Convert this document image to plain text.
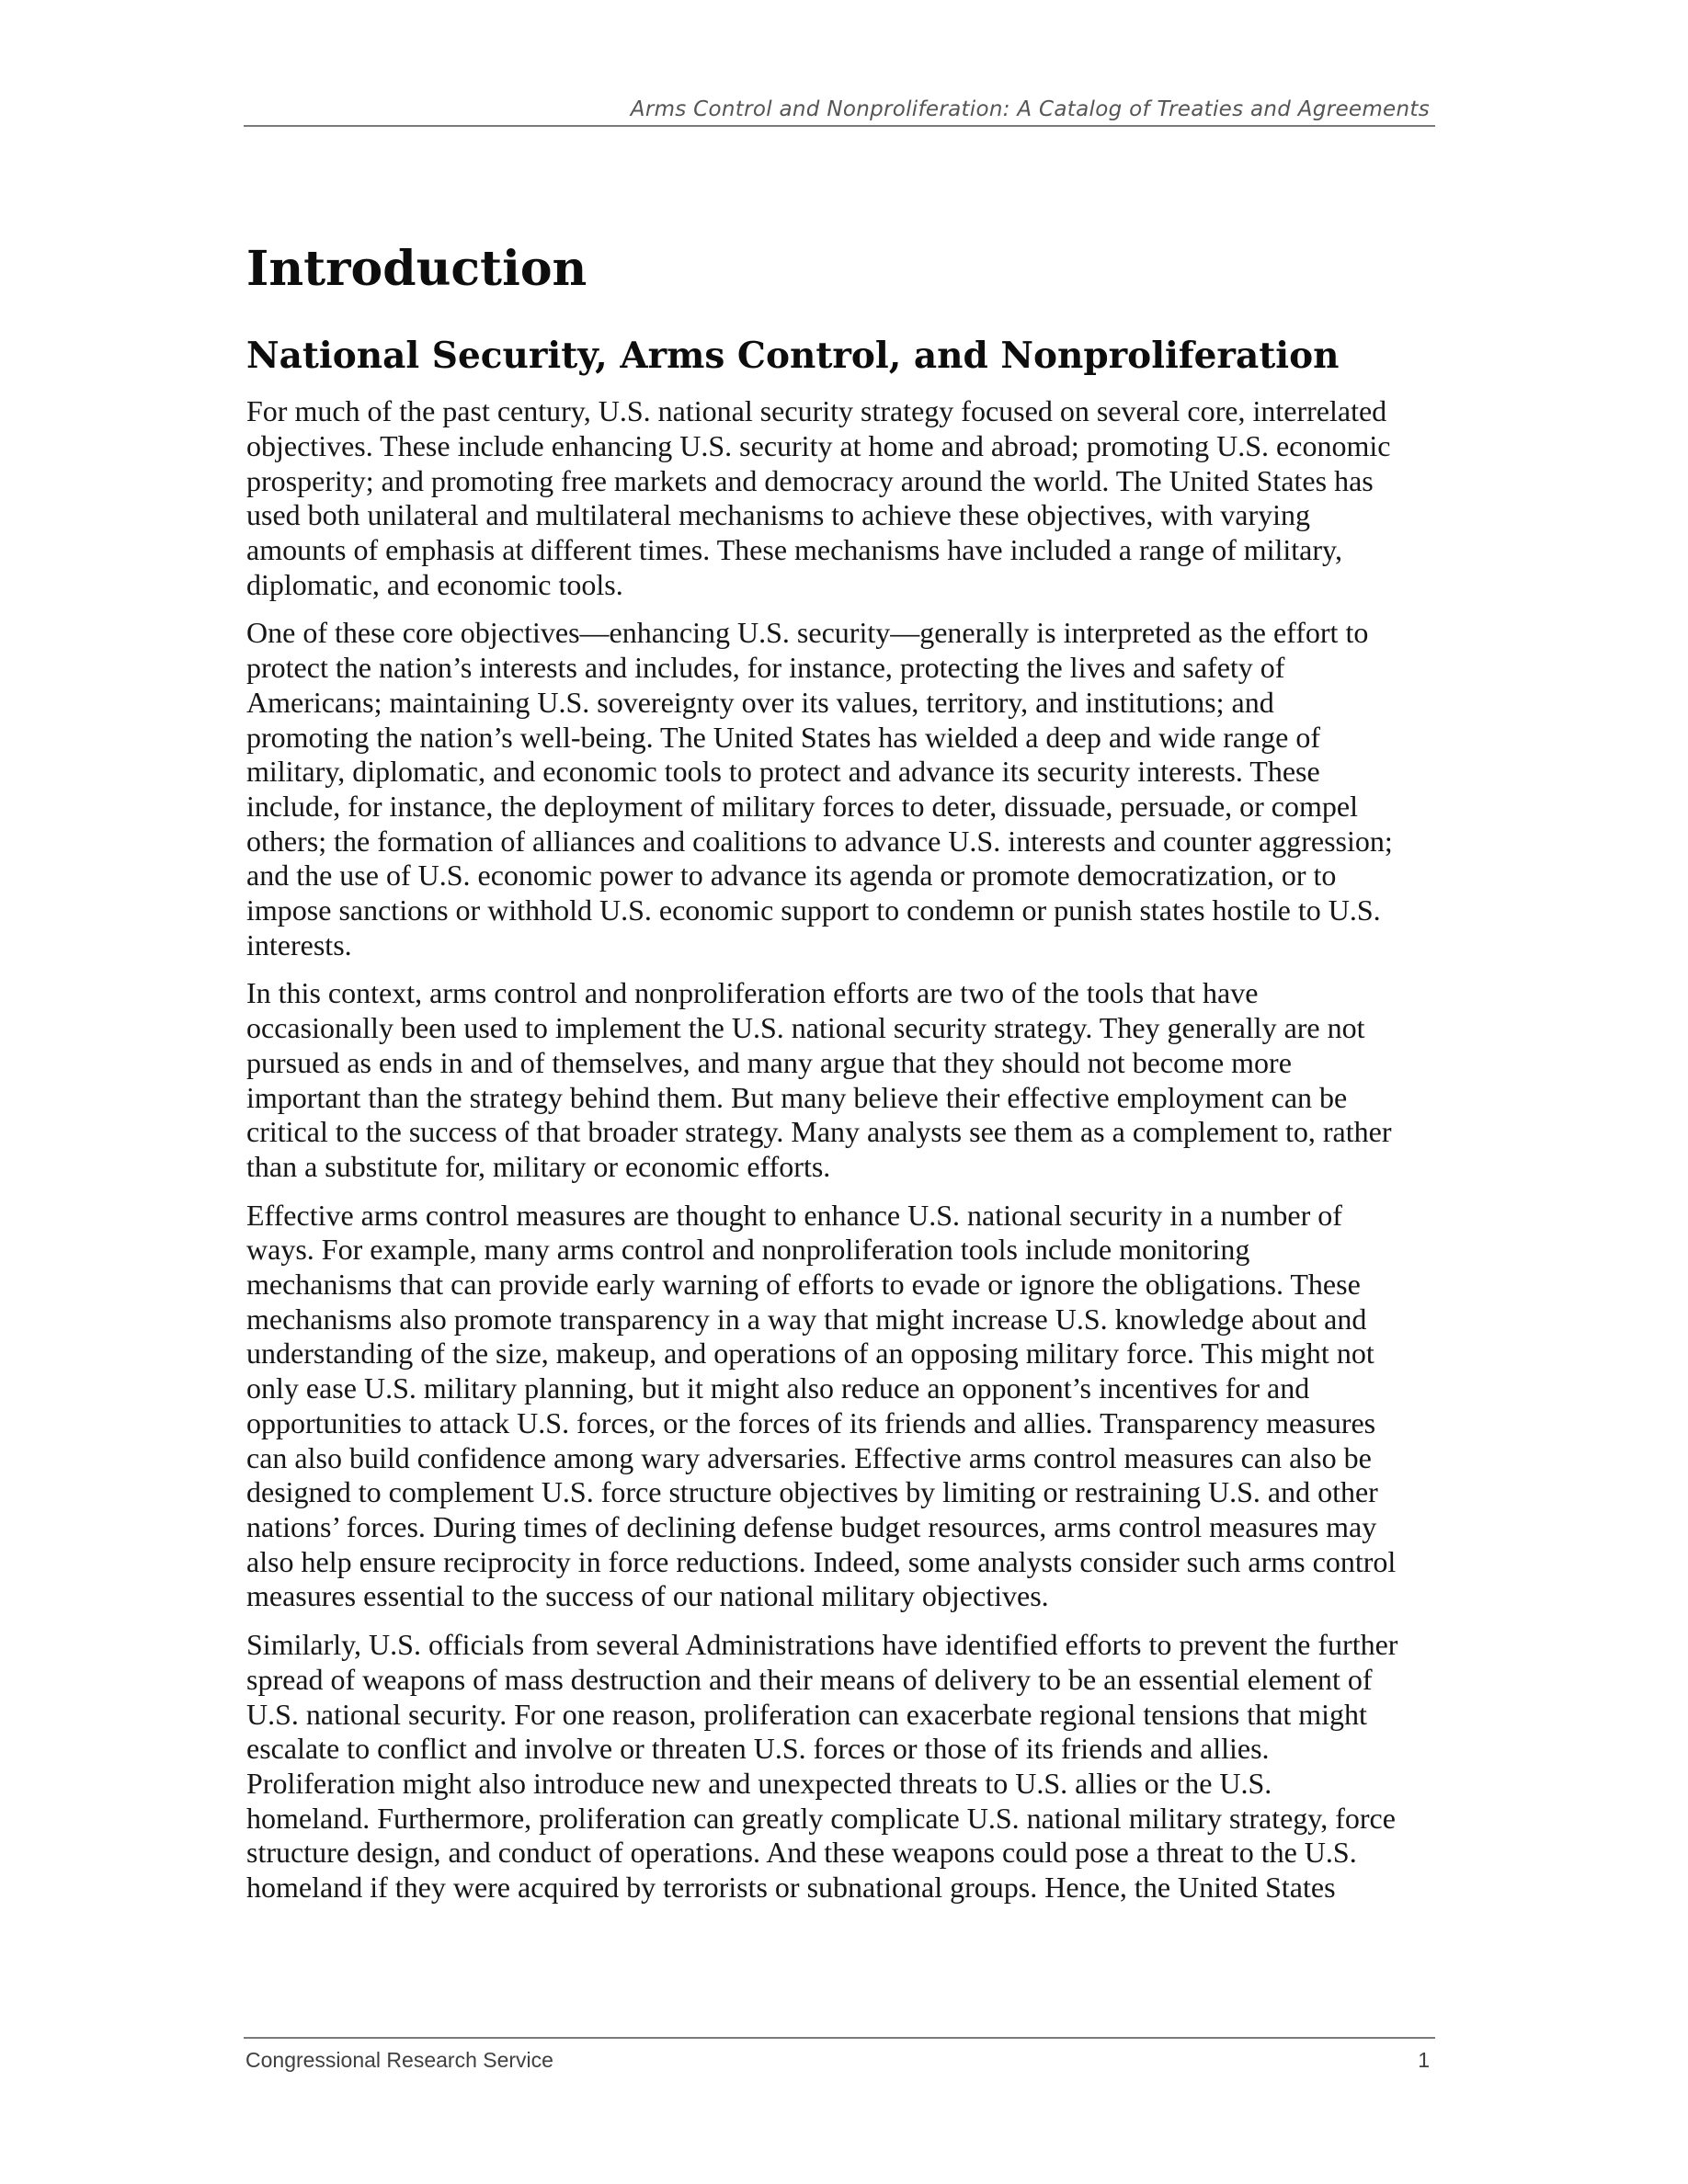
Arms Control and Nonproliferation: A Catalog of Treaties and Agreements
Introduction
National Security, Arms Control, and Nonproliferation

For much of the past century, U.S. national security strategy focused on several core, interrelated
objectives. These include enhancing U.S. security at home and abroad; promoting U.S. economic
prosperity; and promoting free markets and democracy around the world. The United States has
used both unilateral and multilateral mechanisms to achieve these objectives, with varying
amounts of emphasis at different times. These mechanisms have included a range of military,
diplomatic, and economic tools.

One of these core objectives—enhancing U.S. security—generally is interpreted as the effort to
protect the nation’s interests and includes, for instance, protecting the lives and safety of
Americans; maintaining U.S. sovereignty over its values, territory, and institutions; and
promoting the nation’s well-being. The United States has wielded a deep and wide range of
military, diplomatic, and economic tools to protect and advance its security interests. These
include, for instance, the deployment of military forces to deter, dissuade, persuade, or compel
others; the formation of alliances and coalitions to advance U.S. interests and counter aggression;
and the use of U.S. economic power to advance its agenda or promote democratization, or to
impose sanctions or withhold U.S. economic support to condemn or punish states hostile to U.S.
interests.

In this context, arms control and nonproliferation efforts are two of the tools that have
occasionally been used to implement the U.S. national security strategy. They generally are not
pursued as ends in and of themselves, and many argue that they should not become more
important than the strategy behind them. But many believe their effective employment can be
critical to the success of that broader strategy. Many analysts see them as a complement to, rather
than a substitute for, military or economic efforts.

Effective arms control measures are thought to enhance U.S. national security in a number of
ways. For example, many arms control and nonproliferation tools include monitoring
mechanisms that can provide early warning of efforts to evade or ignore the obligations. These
mechanisms also promote transparency in a way that might increase U.S. knowledge about and
understanding of the size, makeup, and operations of an opposing military force. This might not
only ease U.S. military planning, but it might also reduce an opponent’s incentives for and
opportunities to attack U.S. forces, or the forces of its friends and allies. Transparency measures
can also build confidence among wary adversaries. Effective arms control measures can also be
designed to complement U.S. force structure objectives by limiting or restraining U.S. and other
nations’ forces. During times of declining defense budget resources, arms control measures may
also help ensure reciprocity in force reductions. Indeed, some analysts consider such arms control
measures essential to the success of our national military objectives.

Similarly, U.S. officials from several Administrations have identified efforts to prevent the further
spread of weapons of mass destruction and their means of delivery to be an essential element of
U.S. national security. For one reason, proliferation can exacerbate regional tensions that might
escalate to conflict and involve or threaten U.S. forces or those of its friends and allies.
Proliferation might also introduce new and unexpected threats to U.S. allies or the U.S.
homeland. Furthermore, proliferation can greatly complicate U.S. national military strategy, force
structure design, and conduct of operations. And these weapons could pose a threat to the U.S.
homeland if they were acquired by terrorists or subnational groups. Hence, the United States

Congressional Research Service	1
